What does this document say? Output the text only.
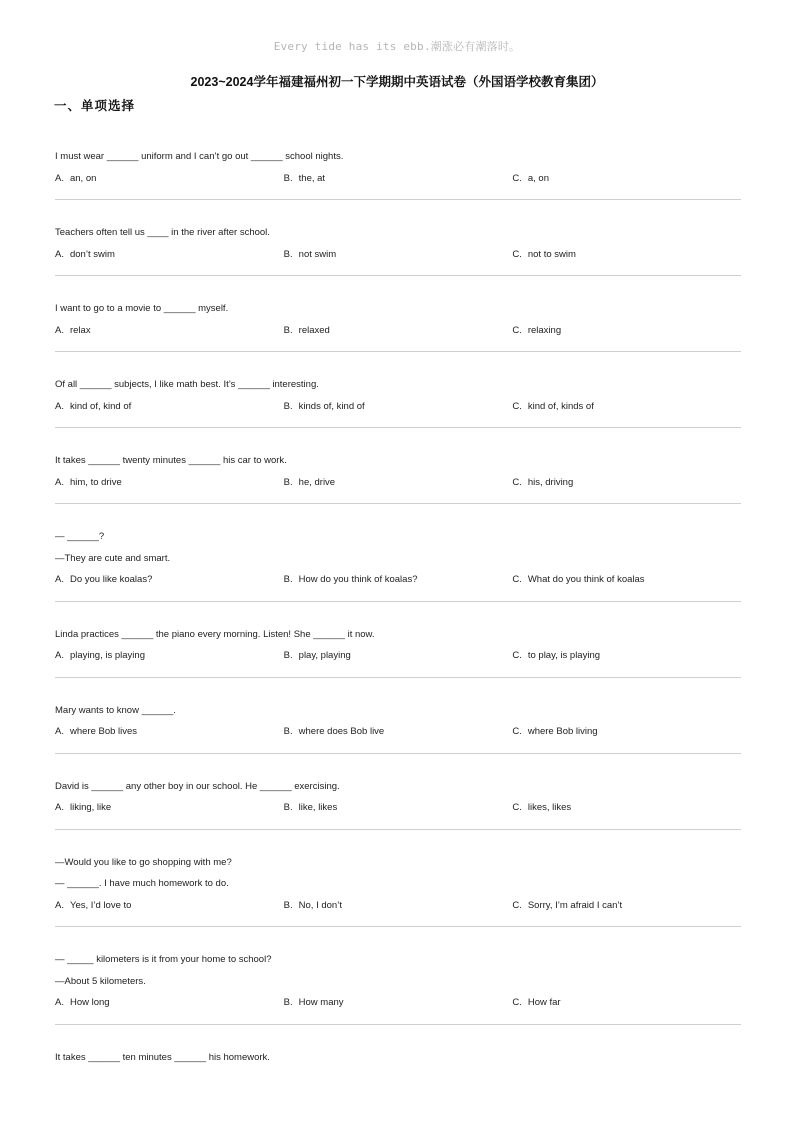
Every tide has its ebb.潮涨必有潮落时。
2023~2024学年福建福州初一下学期期中英语试卷（外国语学校教育集团）
一、单项选择
I must wear ______ uniform and I can’t go out ______ school nights.
A. an, on	B. the, at	C. a, on
Teachers often tell us ____ in the river after school.
A. don’t swim	B. not swim	C. not to swim
I want to go to a movie to ______ myself.
A. relax	B. relaxed	C. relaxing
Of all ______ subjects, I like math best. It’s ______ interesting.
A. kind of, kind of	B. kinds of, kind of	C. kind of, kinds of
It takes ______ twenty minutes ______ his car to work.
A. him, to drive	B. he, drive	C. his, driving
— ______?
—They are cute and smart.
A. Do you like koalas?	B. How do you think of koalas?	C. What do you think of koalas
Linda practices ______ the piano every morning. Listen! She ______ it now.
A. playing, is playing	B. play, playing	C. to play, is playing
Mary wants to know ______.
A. where Bob lives	B. where does Bob live	C. where Bob living
David is ______ any other boy in our school. He ______ exercising.
A. liking, like	B. like, likes	C. likes, likes
—Would you like to go shopping with me?
— ______. I have much homework to do.
A. Yes, I’d love to	B. No, I don’t	C. Sorry, I’m afraid I can’t
— _____ kilometers is it from your home to school?
—About 5 kilometers.
A. How long	B. How many	C. How far
It takes ______ ten minutes ______ his homework.
